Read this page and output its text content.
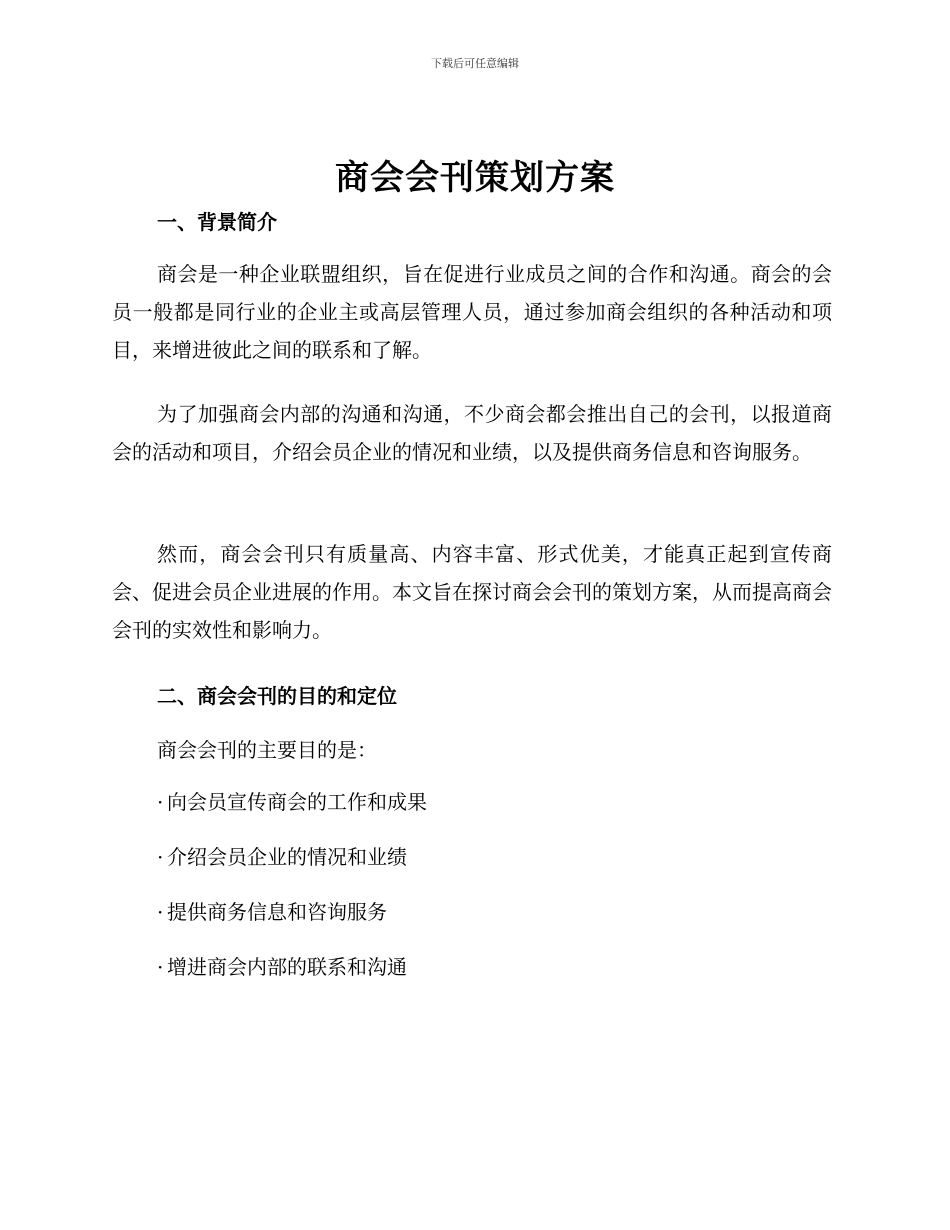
下载后可任意编辑
商会会刊策划方案
一、背景简介

商会是一种企业联盟组织，旨在促进行业成员之间的合作和沟通。商会的会员一般都是同行业的企业主或高层管理人员，通过参加商会组织的各种活动和项目，来增进彼此之间的联系和了解。

为了加强商会内部的沟通和沟通，不少商会都会推出自己的会刊，以报道商会的活动和项目，介绍会员企业的情况和业绩，以及提供商务信息和咨询服务。

然而，商会会刊只有质量高、内容丰富、形式优美，才能真正起到宣传商会、促进会员企业进展的作用。本文旨在探讨商会会刊的策划方案，从而提高商会会刊的实效性和影响力。

二、商会会刊的目的和定位
商会会刊的主要目的是：
· 向会员宣传商会的工作和成果
· 介绍会员企业的情况和业绩
· 提供商务信息和咨询服务
· 增进商会内部的联系和沟通
